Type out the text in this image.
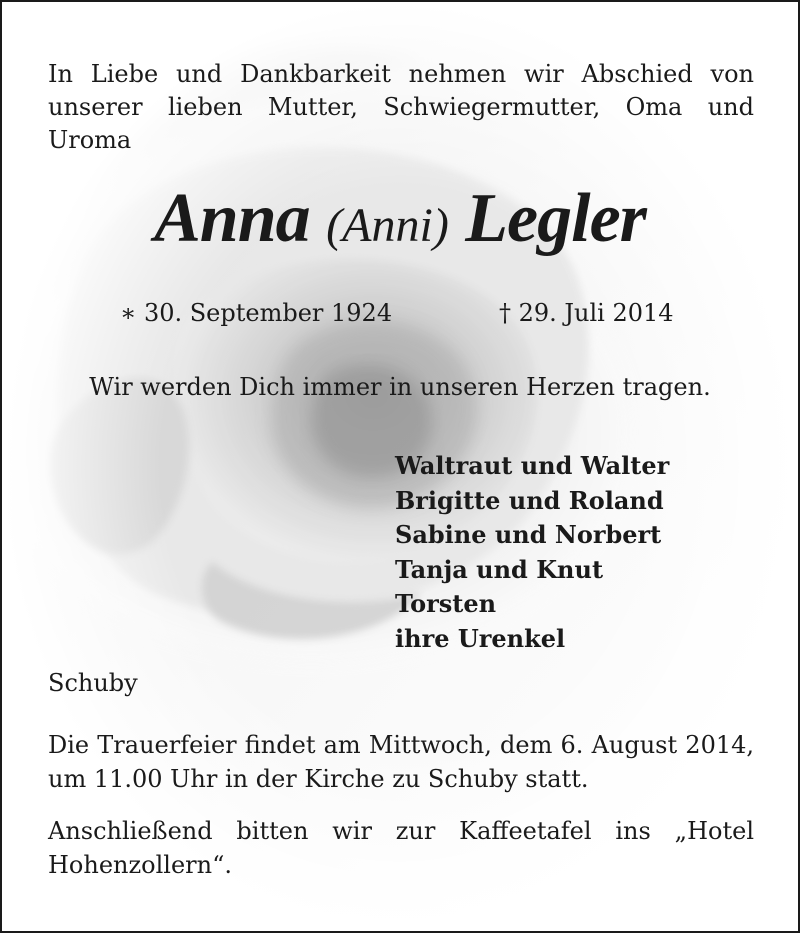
In Liebe und Dankbarkeit nehmen wir Abschied von unserer lieben Mutter, Schwiegermutter, Oma und Uroma

Anna (Anni) Legler
∗ 30. September 1924	† 29. Juli 2014
Wir werden Dich immer in unseren Herzen tragen.
Waltraut und Walter
Brigitte und Roland
Sabine und Norbert
Tanja und Knut
Torsten
ihre Urenkel
Schuby

Die Trauerfeier findet am Mittwoch, dem 6. August 2014, um 11.00 Uhr in der Kirche zu Schuby statt.

Anschließend bitten wir zur Kaffeetafel ins „Hotel Hohenzollern“.
